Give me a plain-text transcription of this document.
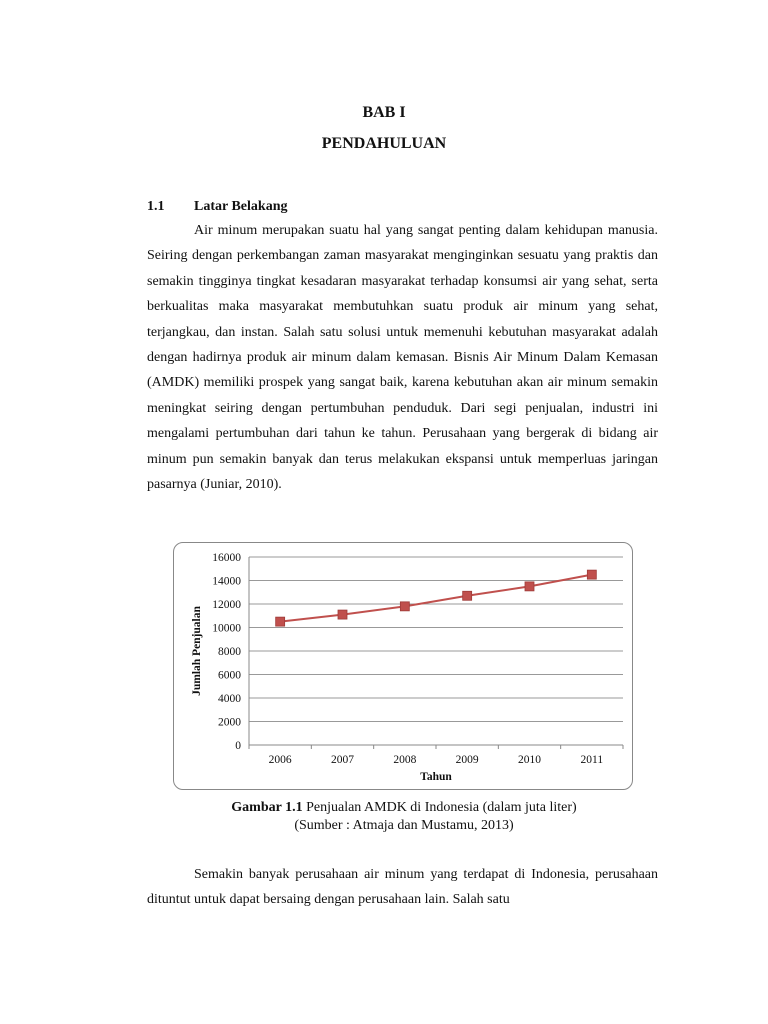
BAB I
PENDAHULUAN
1.1 Latar Belakang

Air minum merupakan suatu hal yang sangat penting dalam kehidupan manusia. Seiring dengan perkembangan zaman masyarakat menginginkan sesuatu yang praktis dan semakin tingginya tingkat kesadaran masyarakat terhadap konsumsi air yang sehat, serta berkualitas maka masyarakat membutuhkan suatu produk air minum yang sehat, terjangkau, dan instan. Salah satu solusi untuk memenuhi kebutuhan masyarakat adalah dengan hadirnya produk air minum dalam kemasan. Bisnis Air Minum Dalam Kemasan (AMDK) memiliki prospek yang sangat baik, karena kebutuhan akan air minum semakin meningkat seiring dengan pertumbuhan penduduk. Dari segi penjualan, industri ini mengalami pertumbuhan dari tahun ke tahun. Perusahaan yang bergerak di bidang air minum pun semakin banyak dan terus melakukan ekspansi untuk memperluas jaringan pasarnya (Juniar, 2010).

0
2000
4000
6000
8000
10000
12000
14000
16000
2006	2007	2008	2009	2010	2011
Tahun
Jumlah Penjualan
Gambar 1.1 Penjualan AMDK di Indonesia (dalam juta liter)
(Sumber : Atmaja dan Mustamu, 2013)

Semakin banyak perusahaan air minum yang terdapat di Indonesia, perusahaan dituntut untuk dapat bersaing dengan perusahaan lain. Salah satu
